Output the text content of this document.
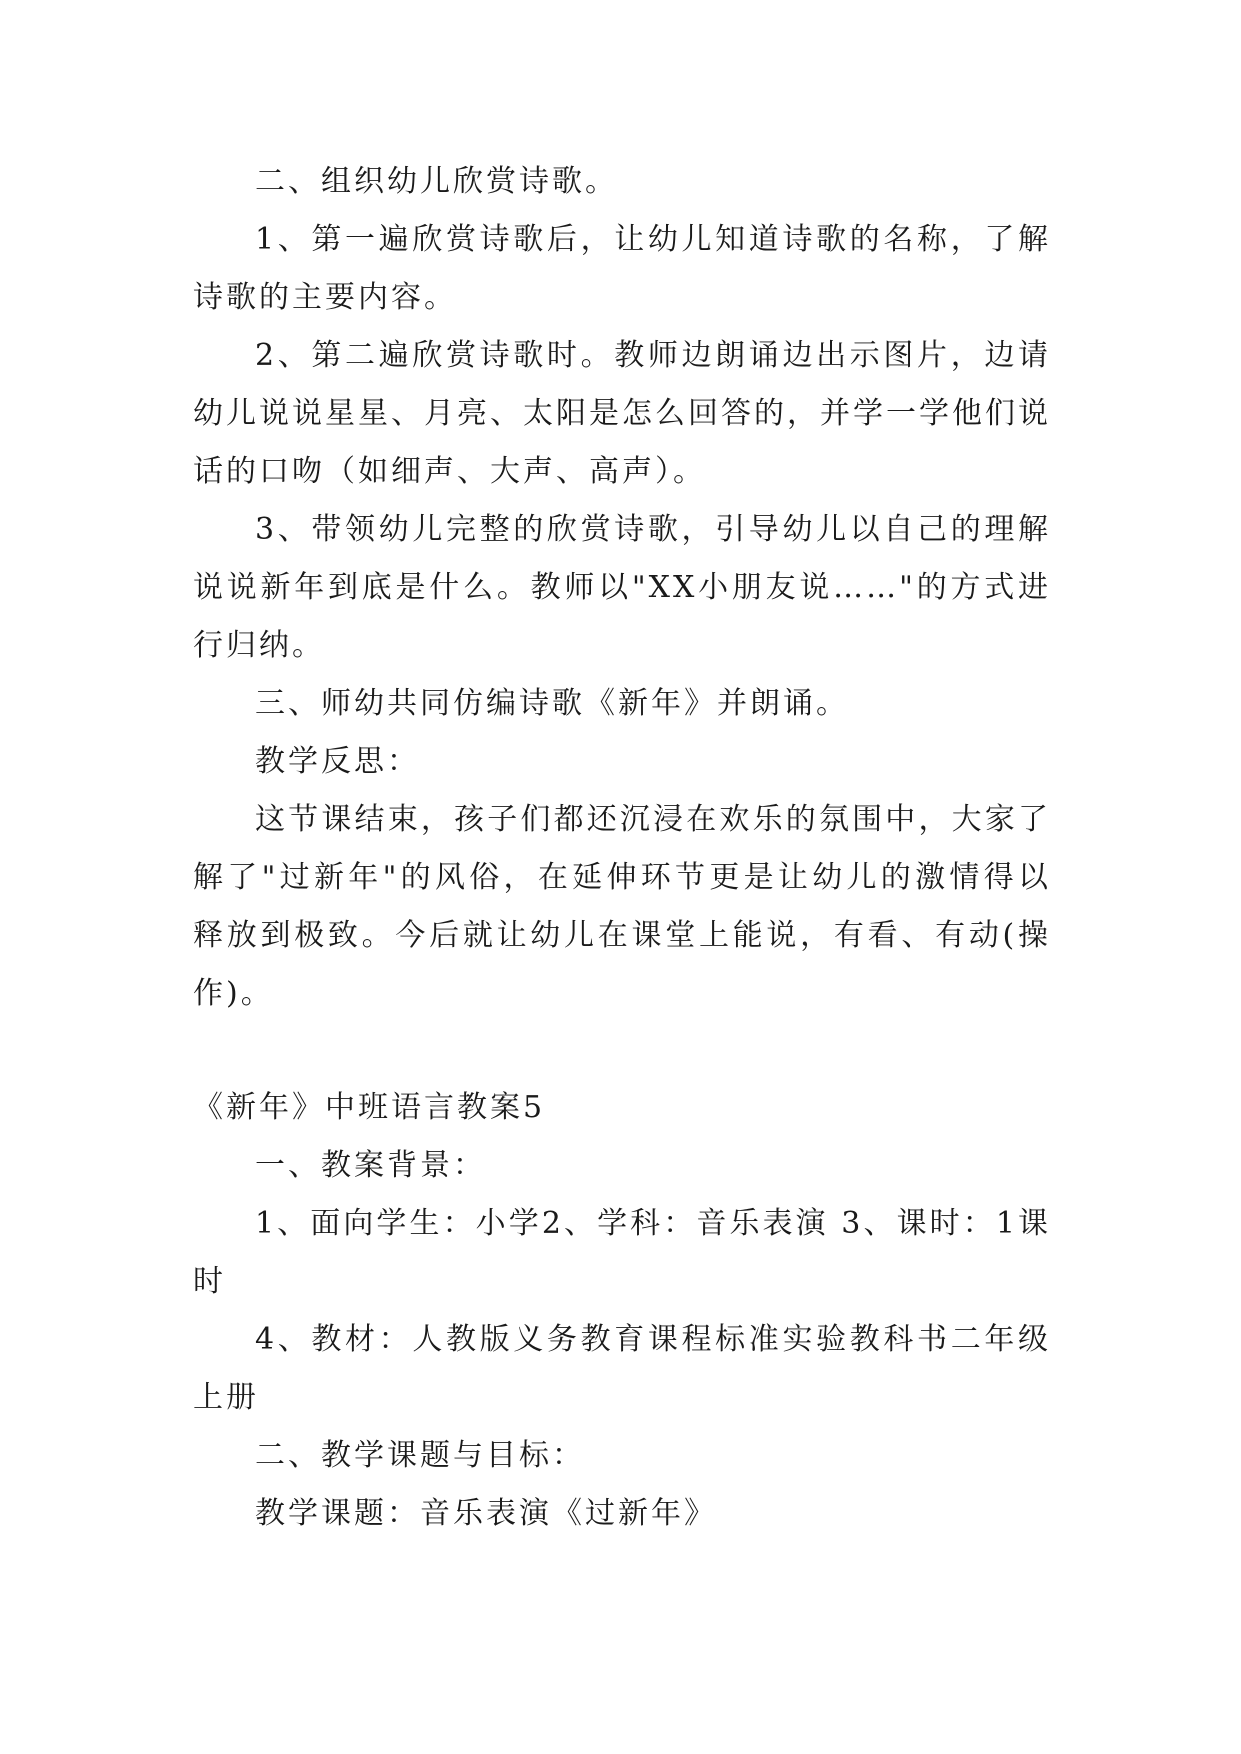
二、组织幼儿欣赏诗歌。

1、第一遍欣赏诗歌后，让幼儿知道诗歌的名称，了解诗歌的主要内容。

2、第二遍欣赏诗歌时。教师边朗诵边出示图片，边请幼儿说说星星、月亮、太阳是怎么回答的，并学一学他们说话的口吻（如细声、大声、高声）。

3、带领幼儿完整的欣赏诗歌，引导幼儿以自己的理解说说新年到底是什么。教师以"XX小朋友说……"的方式进行归纳。

三、师幼共同仿编诗歌《新年》并朗诵。

教学反思：

这节课结束，孩子们都还沉浸在欢乐的氛围中，大家了解了"过新年"的风俗，在延伸环节更是让幼儿的激情得以释放到极致。今后就让幼儿在课堂上能说，有看、有动(操作)。

《新年》中班语言教案5

一、教案背景：

1、面向学生：小学2、学科：音乐表演 3、课时：1课时

4、教材：人教版义务教育课程标准实验教科书二年级上册

二、教学课题与目标：

教学课题：音乐表演《过新年》
